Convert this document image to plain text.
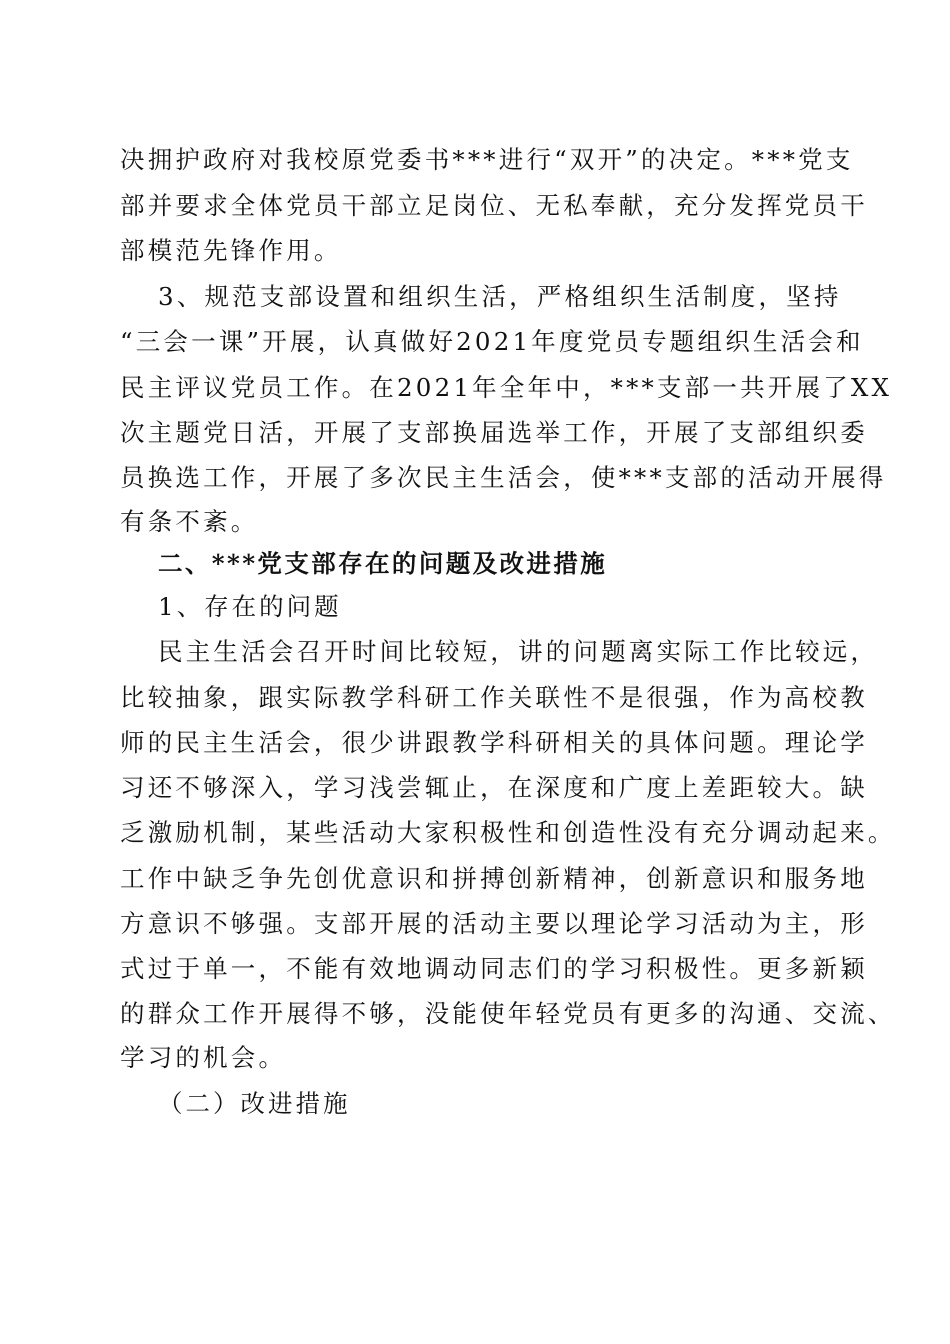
决拥护政府对我校原党委书***进行“双开”的决定。***党支
部并要求全体党员干部立足岗位、无私奉献，充分发挥党员干
部模范先锋作用。
3、规范支部设置和组织生活，严格组织生活制度，坚持
“三会一课”开展，认真做好2021年度党员专题组织生活会和
民主评议党员工作。在2021年全年中，***支部一共开展了XX
次主题党日活，开展了支部换届选举工作，开展了支部组织委
员换选工作，开展了多次民主生活会，使***支部的活动开展得
有条不紊。
二、***党支部存在的问题及改进措施
1、存在的问题
民主生活会召开时间比较短，讲的问题离实际工作比较远，
比较抽象，跟实际教学科研工作关联性不是很强，作为高校教
师的民主生活会，很少讲跟教学科研相关的具体问题。理论学
习还不够深入，学习浅尝辄止，在深度和广度上差距较大。缺
乏激励机制，某些活动大家积极性和创造性没有充分调动起来。
工作中缺乏争先创优意识和拼搏创新精神，创新意识和服务地
方意识不够强。支部开展的活动主要以理论学习活动为主，形
式过于单一，不能有效地调动同志们的学习积极性。更多新颖
的群众工作开展得不够，没能使年轻党员有更多的沟通、交流、
学习的机会。
（二）改进措施
